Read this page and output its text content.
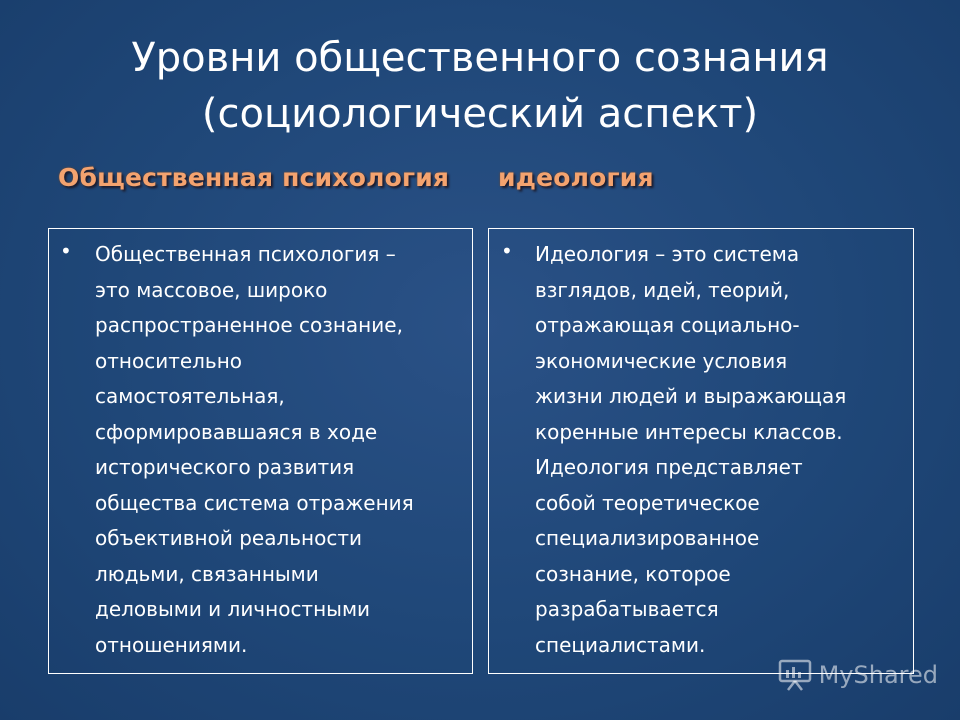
Уровни общественного сознания
(социологический аспект)
Общественная психология идеология
• Общественная психология –
это массовое, широко
распространенное сознание,
относительно
самостоятельная,
сформировавшаяся в ходе
исторического развития
общества система отражения
объективной реальности
людьми, связанными
деловыми и личностными
отношениями.
• Идеология – это система
взглядов, идей, теорий,
отражающая социально-
экономические условия
жизни людей и выражающая
коренные интересы классов.
Идеология представляет
собой теоретическое
специализированное
сознание, которое
разрабатывается
специалистами.
MyShared
